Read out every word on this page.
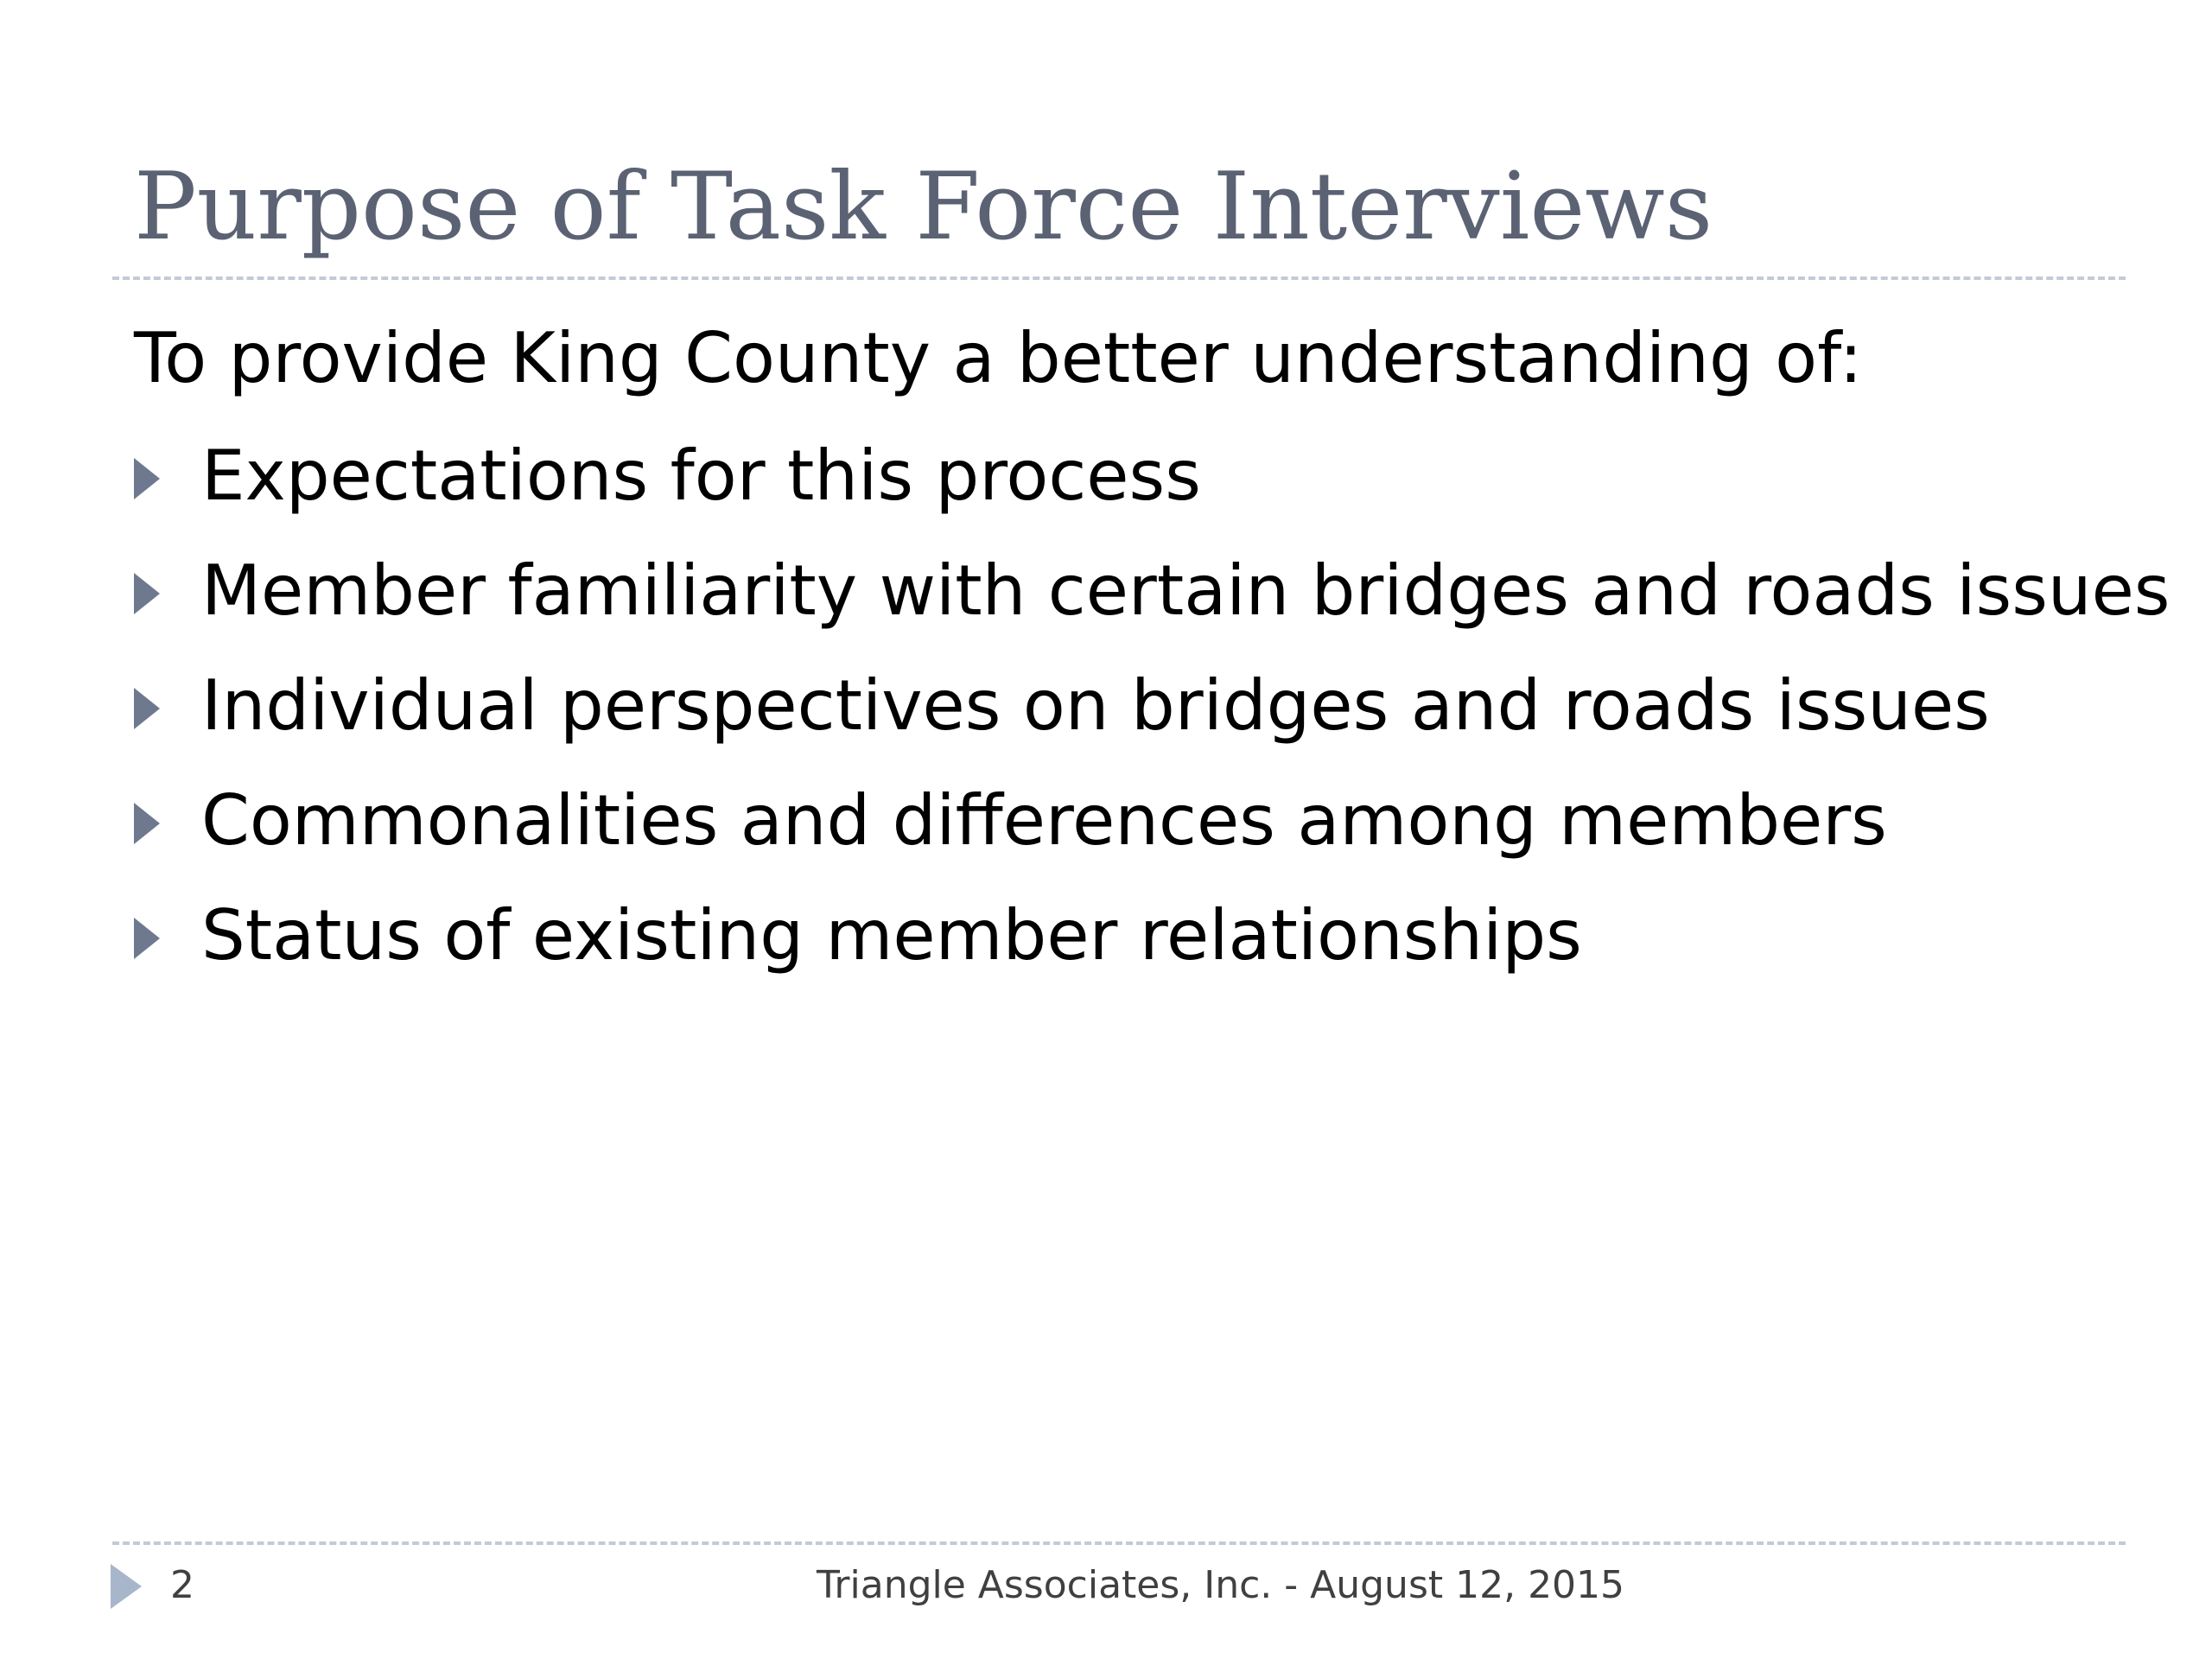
Purpose of Task Force Interviews

To provide King County a better understanding of:

Expectations for this process
Member familiarity with certain bridges and roads issues
Individual perspectives on bridges and roads issues
Commonalities and differences among members
Status of existing member relationships
2	Triangle Associates, Inc. - August 12, 2015
